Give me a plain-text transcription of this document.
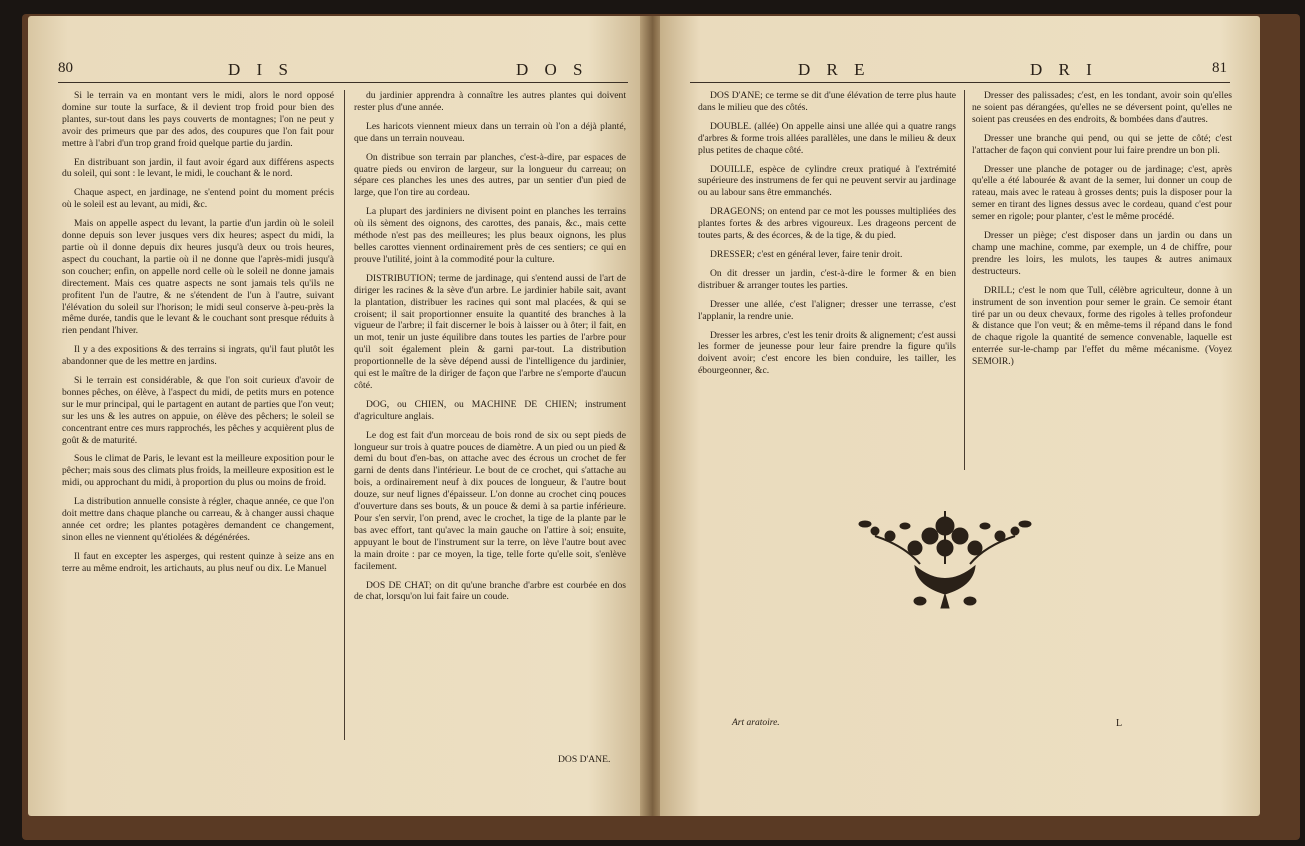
80	D I S	D O S

Si le terrain va en montant vers le midi, alors le nord opposé domine sur toute la surface, & il devient trop froid pour bien des plantes, sur-tout dans les pays couverts de montagnes; l'on ne peut y avoir des primeurs que par des ados, des coupures que l'on fait pour mettre à l'abri d'un trop grand froid quelque partie du jardin.

En distribuant son jardin, il faut avoir égard aux différens aspects du soleil, qui sont : le levant, le midi, le couchant & le nord.

Chaque aspect, en jardinage, ne s'entend point du moment précis où le soleil est au levant, au midi, &c.

Mais on appelle aspect du levant, la partie d'un jardin où le soleil donne depuis son lever jusques vers dix heures; aspect du midi, la partie où il donne depuis dix heures jusqu'à deux ou trois heures, aspect du couchant, la partie où il ne donne que l'après-midi jusqu'à son coucher; enfin, on appelle nord celle où le soleil ne donne jamais directement. Mais ces quatre aspects ne sont jamais tels qu'ils ne profitent l'un de l'autre, & ne s'étendent de l'un à l'autre, suivant l'élévation du soleil sur l'horison; le midi seul conserve à-peu-près la même durée, tandis que le levant & le couchant sont presque réduits à rien pendant l'hiver.

Il y a des expositions & des terrains si ingrats, qu'il faut plutôt les abandonner que de les mettre en jardins.

Si le terrain est considérable, & que l'on soit curieux d'avoir de bonnes pêches, on élève, à l'aspect du midi, de petits murs en potence sur le mur principal, qui le partagent en autant de parties que l'on veut; sur les uns & les autres on appuie, on élève des pêchers; le soleil se concentrant entre ces murs rapprochés, les pêches y acquièrent plus de goût & de maturité.

Sous le climat de Paris, le levant est la meilleure exposition pour le pêcher; mais sous des climats plus froids, la meilleure exposition est le midi, ou approchant du midi, à proportion du plus ou moins de froid.

La distribution annuelle consiste à régler, chaque année, ce que l'on doit mettre dans chaque planche ou carreau, & à changer aussi chaque année cet ordre; les plantes potagères demandent ce changement, sinon elles ne viennent qu'étiolées & dégénérées.

Il faut en excepter les asperges, qui restent quinze à seize ans en terre au même endroit, les artichauts, au plus neuf ou dix. Le Manuel

du jardinier apprendra à connaître les autres plantes qui doivent rester plus d'une année.

Les haricots viennent mieux dans un terrain où l'on a déjà planté, que dans un terrain nouveau.

On distribue son terrain par planches, c'est-à-dire, par espaces de quatre pieds ou environ de largeur, sur la longueur du carreau; on sépare ces planches les unes des autres, par un sentier d'un pied de large, que l'on tire au cordeau.

La plupart des jardiniers ne divisent point en planches les terrains où ils sèment des oignons, des carottes, des panais, &c., mais cette méthode n'est pas des meilleures; les plus beaux oignons, les plus belles carottes viennent ordinairement près de ces sentiers; ce qui en prouve l'utilité, joint à la commodité pour la culture.

DISTRIBUTION; terme de jardinage, qui s'entend aussi de l'art de diriger les racines & la sève d'un arbre. Le jardinier habile sait, avant la plantation, distribuer les racines qui sont mal placées, & qui se croisent; il sait proportionner ensuite la quantité des branches à la vigueur de l'arbre; il fait discerner le bois à laisser ou à ôter; il fait, en un mot, tenir un juste équilibre dans toutes les parties de l'arbre pour qu'il soit également plein & garni par-tout. La distribution proportionnelle de la sève dépend aussi de l'intelligence du jardinier, qui est le maître de la diriger de façon que l'arbre ne s'emporte d'aucun côté.

DOG, ou CHIEN, ou MACHINE DE CHIEN; instrument d'agriculture anglais.

Le dog est fait d'un morceau de bois rond de six ou sept pieds de longueur sur trois à quatre pouces de diamètre. A un pied ou un pied & demi du bout d'en-bas, on attache avec des écrous un crochet de fer garni de dents dans l'intérieur. Le bout de ce crochet, qui s'attache au bois, a ordinairement neuf à dix pouces de longueur, & l'autre bout douze, sur neuf lignes d'épaisseur. L'on donne au crochet cinq pouces d'ouverture dans ses bouts, & un pouce & demi à sa partie inférieure. Pour s'en servir, l'on prend, avec le crochet, la tige de la plante par le bas avec effort, tant qu'avec la main gauche on l'attire à soi; ensuite, appuyant le bout de l'instrument sur la terre, on lève l'autre bout avec la main droite : par ce moyen, la tige, telle forte qu'elle soit, s'enlève facilement.

DOS DE CHAT; on dit qu'une branche d'arbre est courbée en dos de chat, lorsqu'on lui fait faire un coude.

DOS D'ANE.
D R E	D R I	81

DOS D'ANE; ce terme se dit d'une élévation de terre plus haute dans le milieu que des côtés.

DOUBLE. (allée) On appelle ainsi une allée qui a quatre rangs d'arbres & forme trois allées parallèles, une dans le milieu & deux plus petites de chaque côté.

DOUILLE, espèce de cylindre creux pratiqué à l'extrémité supérieure des instrumens de fer qui ne peuvent servir au jardinage ou au labour sans être emmanchés.

DRAGEONS; on entend par ce mot les pousses multipliées des plantes fortes & des arbres vigoureux. Les drageons percent de toutes parts, & des écorces, & de la tige, & du pied.

DRESSER; c'est en général lever, faire tenir droit.

On dit dresser un jardin, c'est-à-dire le former & en bien distribuer & arranger toutes les parties.

Dresser une allée, c'est l'aligner; dresser une terrasse, c'est l'applanir, la rendre unie.

Dresser les arbres, c'est les tenir droits & alignement; c'est aussi les former de jeunesse pour leur faire prendre la figure qu'ils doivent avoir; c'est encore les bien conduire, les tailler, les ébourgeonner, &c.

Dresser des palissades; c'est, en les tondant, avoir soin qu'elles ne soient pas dérangées, qu'elles ne se déversent point, qu'elles ne soient pas creusées en des endroits, & bombées dans d'autres.

Dresser une branche qui pend, ou qui se jette de côté; c'est l'attacher de façon qui convient pour lui faire prendre un bon pli.

Dresser une planche de potager ou de jardinage; c'est, après qu'elle a été labourée & avant de la semer, lui donner un coup de rateau, mais avec le rateau à grosses dents; puis la disposer pour la semer en tirant des lignes dessus avec le cordeau, quand c'est pour semer en rigole; pour planter, c'est le même procédé.

Dresser un piège; c'est disposer dans un jardin ou dans un champ une machine, comme, par exemple, un 4 de chiffre, pour prendre les loirs, les mulots, les taupes & autres animaux destructeurs.

DRILL; c'est le nom que Tull, célèbre agriculteur, donne à un instrument de son invention pour semer le grain. Ce semoir étant tiré par un ou deux chevaux, forme des rigoles à telles profondeur & distance que l'on veut; & en même-tems il répand dans le fond de chaque rigole la quantité de semence convenable, laquelle est enterrée sur-le-champ par l'effet du même mécanisme. (Voyez SEMOIR.)

Art aratoire.	L
